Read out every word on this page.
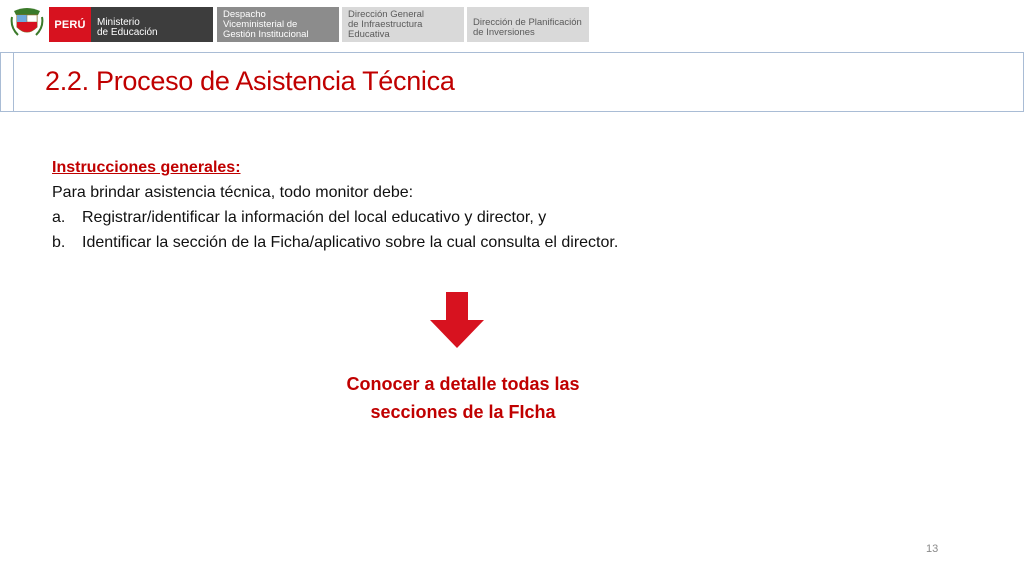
PERÚ	Ministerio
de Educación
Despacho
Viceministerial de
Gestión Institucional
Dirección General
de Infraestructura
Educativa
Dirección de Planificación
de Inversiones
2.2. Proceso de Asistencia Técnica

Instrucciones generales:

Para brindar asistencia técnica, todo monitor debe:

a.	Registrar/identificar la información del local educativo y director, y
b.	Identificar la sección de la Ficha/aplicativo sobre la cual consulta el director.
Conocer a detalle todas las
secciones de la FIcha
13
